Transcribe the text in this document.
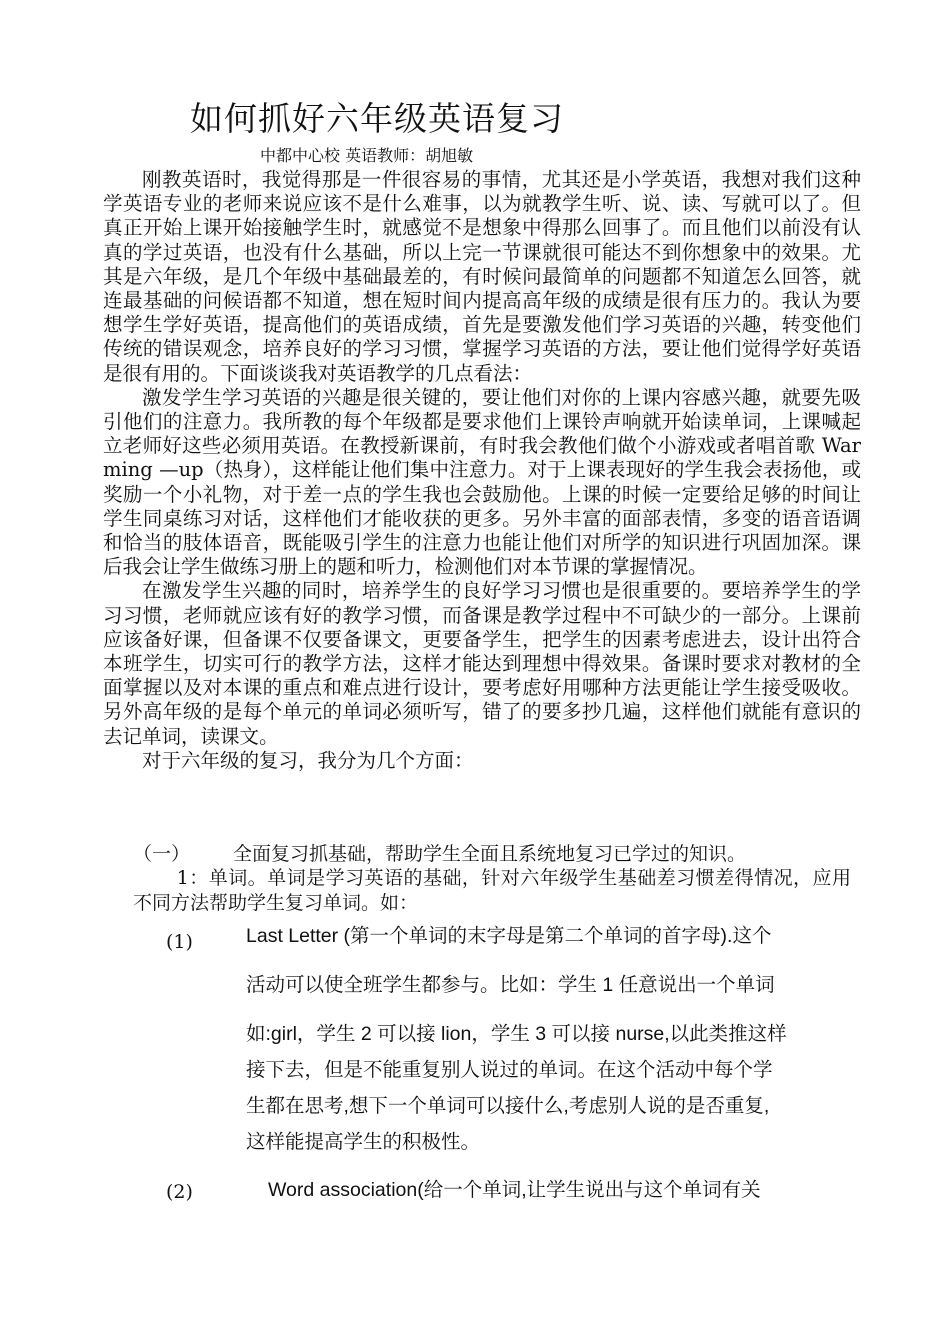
如何抓好六年级英语复习
中都中心校 英语教师：胡旭敏

刚教英语时，我觉得那是一件很容易的事情，尤其还是小学英语，我想对我们这种学英语专业的老师来说应该不是什么难事，以为就教学生听、说、读、写就可以了。但真正开始上课开始接触学生时，就感觉不是想象中得那么回事了。而且他们以前没有认真的学过英语，也没有什么基础，所以上完一节课就很可能达不到你想象中的效果。尤其是六年级，是几个年级中基础最差的，有时候问最简单的问题都不知道怎么回答，就连最基础的问候语都不知道，想在短时间内提高高年级的成绩是很有压力的。我认为要想学生学好英语，提高他们的英语成绩，首先是要激发他们学习英语的兴趣，转变他们传统的错误观念，培养良好的学习习惯，掌握学习英语的方法，要让他们觉得学好英语是很有用的。下面谈谈我对英语教学的几点看法：

激发学生学习英语的兴趣是很关键的，要让他们对你的上课内容感兴趣，就要先吸引他们的注意力。我所教的每个年级都是要求他们上课铃声响就开始读单词，上课喊起立老师好这些必须用英语。在教授新课前，有时我会教他们做个小游戏或者唱首歌 Warming —up（热身），这样能让他们集中注意力。对于上课表现好的学生我会表扬他，或奖励一个小礼物，对于差一点的学生我也会鼓励他。上课的时候一定要给足够的时间让学生同桌练习对话，这样他们才能收获的更多。另外丰富的面部表情，多变的语音语调和恰当的肢体语音，既能吸引学生的注意力也能让他们对所学的知识进行巩固加深。课后我会让学生做练习册上的题和听力，检测他们对本节课的掌握情况。

在激发学生兴趣的同时，培养学生的良好学习习惯也是很重要的。要培养学生的学习习惯，老师就应该有好的教学习惯，而备课是教学过程中不可缺少的一部分。上课前应该备好课，但备课不仅要备课文，更要备学生，把学生的因素考虑进去，设计出符合本班学生，切实可行的教学方法，这样才能达到理想中得效果。备课时要求对教材的全面掌握以及对本课的重点和难点进行设计，要考虑好用哪种方法更能让学生接受吸收。另外高年级的是每个单元的单词必须听写，错了的要多抄几遍，这样他们就能有意识的去记单词，读课文。

对于六年级的复习，我分为几个方面：

（一） 全面复习抓基础，帮助学生全面且系统地复习已学过的知识。
1：单词。单词是学习英语的基础，针对六年级学生基础差习惯差得情况，应用不同方法帮助学生复习单词。如：
(1)	Last Letter (第一个单词的末字母是第二个单词的首字母).这个
活动可以使全班学生都参与。比如：学生 1 任意说出一个单词
如:girl，学生 2 可以接 lion，学生 3 可以接 nurse,以此类推这样
接下去，但是不能重复别人说过的单词。在这个活动中每个学
生都在思考,想下一个单词可以接什么,考虑别人说的是否重复,
这样能提高学生的积极性。
(2)	Word association(给一个单词,让学生说出与这个单词有关
